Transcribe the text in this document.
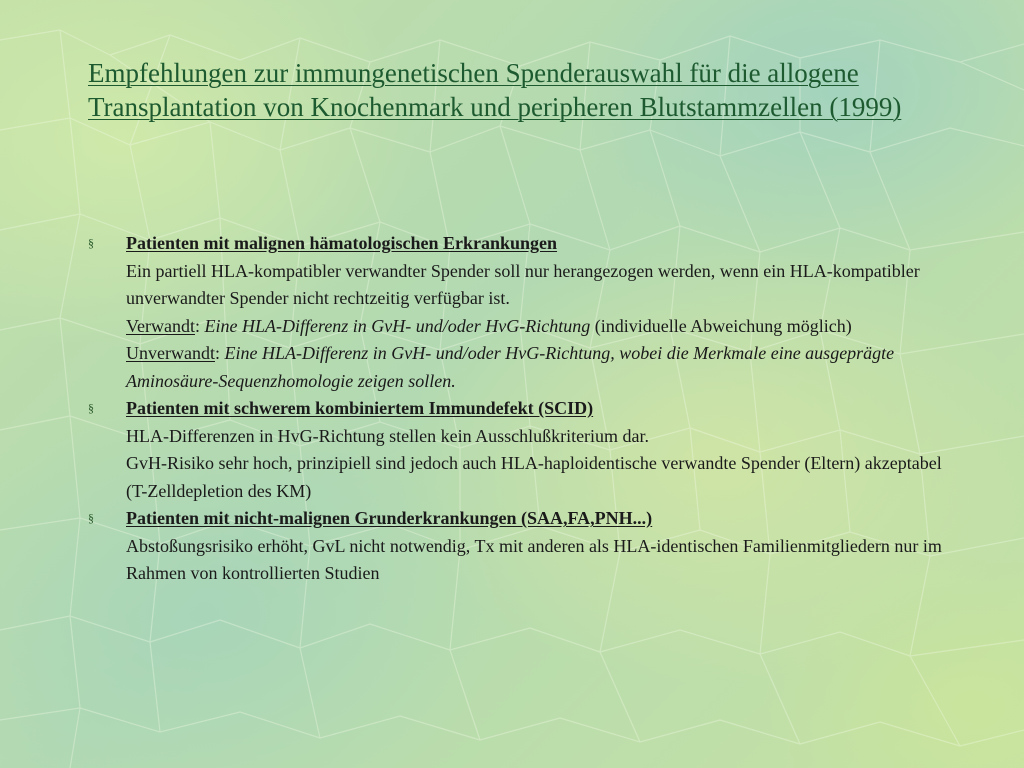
Empfehlungen zur immungenetischen Spenderauswahl für die allogene Transplantation von Knochenmark und peripheren Blutstammzellen (1999)
§ Patienten mit malignen hämatologischen Erkrankungen
Ein partiell HLA-kompatibler verwandter Spender soll nur herangezogen werden, wenn ein HLA-kompatibler unverwandter Spender nicht rechtzeitig verfügbar ist.
Verwandt: Eine HLA-Differenz in GvH- und/oder HvG-Richtung (individuelle Abweichung möglich)
Unverwandt: Eine HLA-Differenz in GvH- und/oder HvG-Richtung, wobei die Merkmale eine ausgeprägte Aminosäure-Sequenzhomologie zeigen sollen.
§ Patienten mit schwerem kombiniertem Immundefekt (SCID)
HLA-Differenzen in HvG-Richtung stellen kein Ausschlußkriterium dar.
GvH-Risiko sehr hoch, prinzipiell sind jedoch auch HLA-haploidentische verwandte Spender (Eltern) akzeptabel (T-Zelldepletion des KM)
§ Patienten mit nicht-malignen Grunderkrankungen (SAA,FA,PNH...)
Abstoßungsrisiko erhöht, GvL nicht notwendig, Tx mit anderen als HLA-identischen Familienmitgliedern nur im Rahmen von kontrollierten Studien
